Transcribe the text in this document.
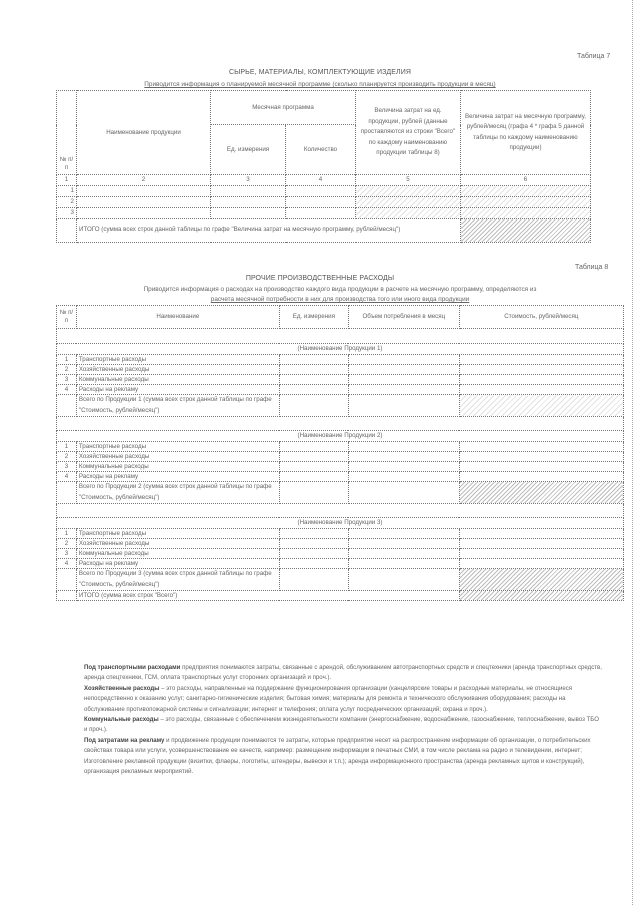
Таблица 7
СЫРЬЕ, МАТЕРИАЛЫ, КОМПЛЕКТУЮЩИЕ ИЗДЕЛИЯ
Приводится информация о планируемой месячной программе (сколько планируется производить продукции в месяц)
№ п/п	Наименование продукции	Месячная программа		Величина затрат на ед. продукции, рублей (данные проставляются из строки "Всего" по каждому наименованию продукции таблицы 8)	Величина затрат на месячную программу, рублей/месяц (графа 4 * графа 5 данной таблицы по каждому наименованию продукции)
		Ед. измерения	Количество		
1	2	3	4	5	6
1					
2					
3					
	ИТОГО (сумма всех строк данной таблицы по графе "Величина затрат на месячную программу, рублей/месяц")				
Таблица 8
ПРОЧИЕ ПРОИЗВОДСТВЕННЫЕ РАСХОДЫ
Приводится информация о расходах на производство каждого вида продукции в расчете на месячную программу, определяются из
расчета месячной потребности в них для производства того или иного вида продукции
№ п/п	Наименование	Ед. измерения	Объем потребления в месяц	Стоимость, рублей/месяц

(Наименование Продукции 1)				
1	Транспортные расходы			
2	Хозяйственные расходы			
3	Коммунальные расходы			
4	Расходы на рекламу			
	Всего по Продукции 1 (сумма всех строк данной таблицы по графе "Стоимость, рублей/месяц")			

(Наименование Продукции 2)				
1	Транспортные расходы			
2	Хозяйственные расходы			
3	Коммунальные расходы			
4	Расходы на рекламу			
	Всего по Продукции 2 (сумма всех строк данной таблицы по графе "Стоимость, рублей/месяц")			

(Наименование Продукции 3)				
1	Транспортные расходы			
2	Хозяйственные расходы			
3	Коммунальные расходы			
4	Расходы на рекламу			
	Всего по Продукции 3 (сумма всех строк данной таблицы по графе "Стоимость, рублей/месяц")			
	ИТОГО (сумма всех строк "Всего")			

Под транспортными расходами предприятия понимаются затраты, связанные с арендой, обслуживанием автотранспортных средств и спецтехники (аренда транспортных средств, аренда спецтехники, ГСМ, оплата транспортных услуг сторонних организаций и проч.).

Хозяйственные расходы – это расходы, направленные на поддержание функционирования организации (канцелярские товары и расходные материалы, не относящиеся непосредственно к оказанию услуг; санитарно-гигиенические изделия; бытовая химия; материалы для ремонта и технического обслуживания оборудования; расходы на обслуживание противопожарной системы и сигнализации; интернет и телефония; оплата услуг посреднических организаций; охрана и проч.).

Коммунальные расходы – это расходы, связанные с обеспечением жизнедеятельности компании (энергоснабжение, водоснабжение, газоснабжение, теплоснабжение, вывоз ТБО и проч.).

Под затратами на рекламу и продвижение продукции понимаются те затраты, которые предприятие несет на распространение информации об организации, о потребительских свойствах товара или услуги, усовершенствование ее качеств, например: размещение информации в печатных СМИ, в том числе реклама на радио и телевидении, интернет; Изготовление рекламной продукции (визитки, флаеры, логотипы, штендеры, вывески и т.п.); аренда информационного пространства (аренда рекламных щитов и конструкций), организация рекламных мероприятий.
